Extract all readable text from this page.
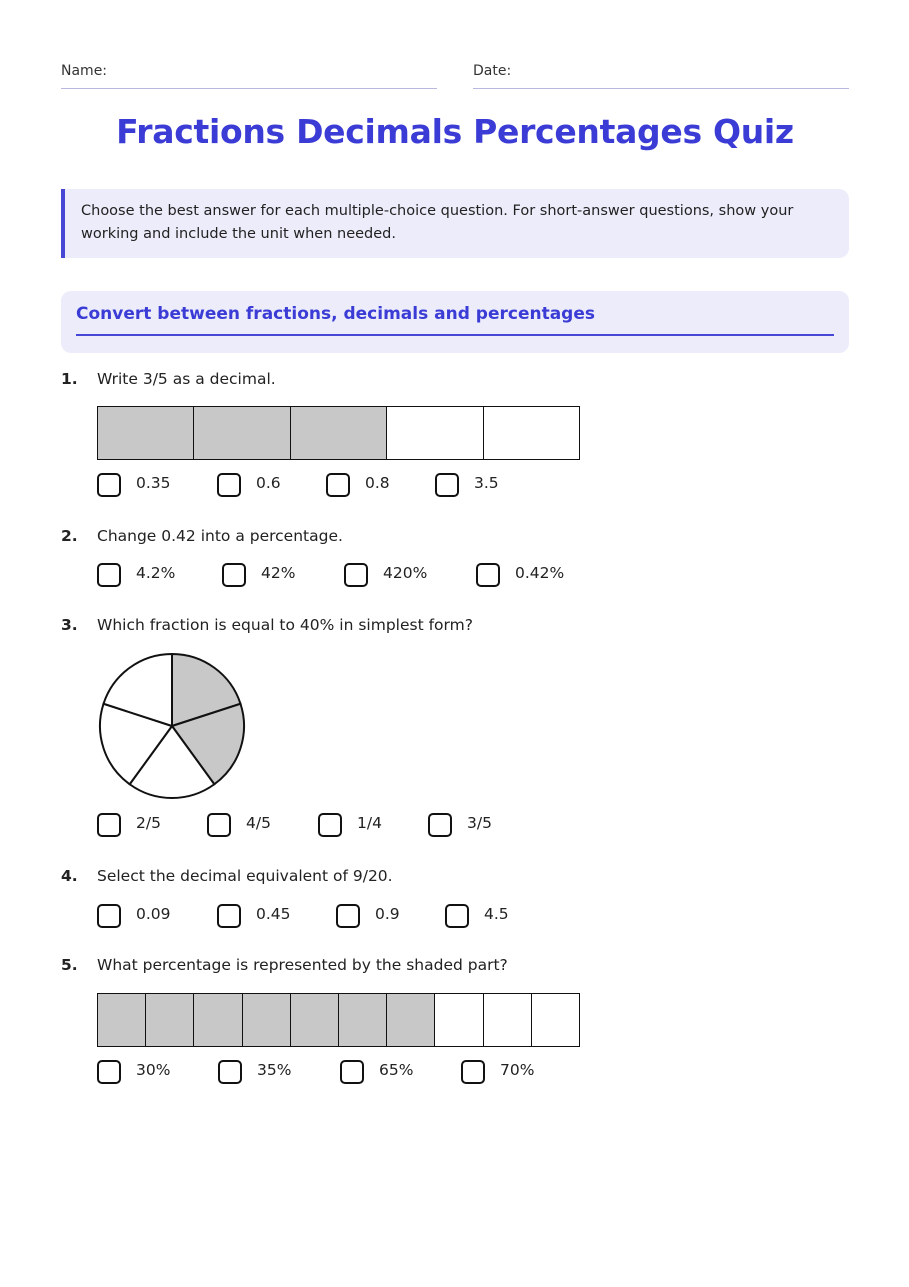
Name:	Date:
Fractions Decimals Percentages Quiz
Choose the best answer for each multiple-choice question. For short-answer questions, show your working and include the unit when needed.
Convert between fractions, decimals and percentages
1. Write 3/5 as a decimal.
0.35	0.6	0.8	3.5
2. Change 0.42 into a percentage.
4.2%	42%	420%	0.42%
3. Which fraction is equal to 40% in simplest form?
2/5	4/5	1/4	3/5
4. Select the decimal equivalent of 9/20.
0.09	0.45	0.9	4.5
5. What percentage is represented by the shaded part?
30%	35%	65%	70%
